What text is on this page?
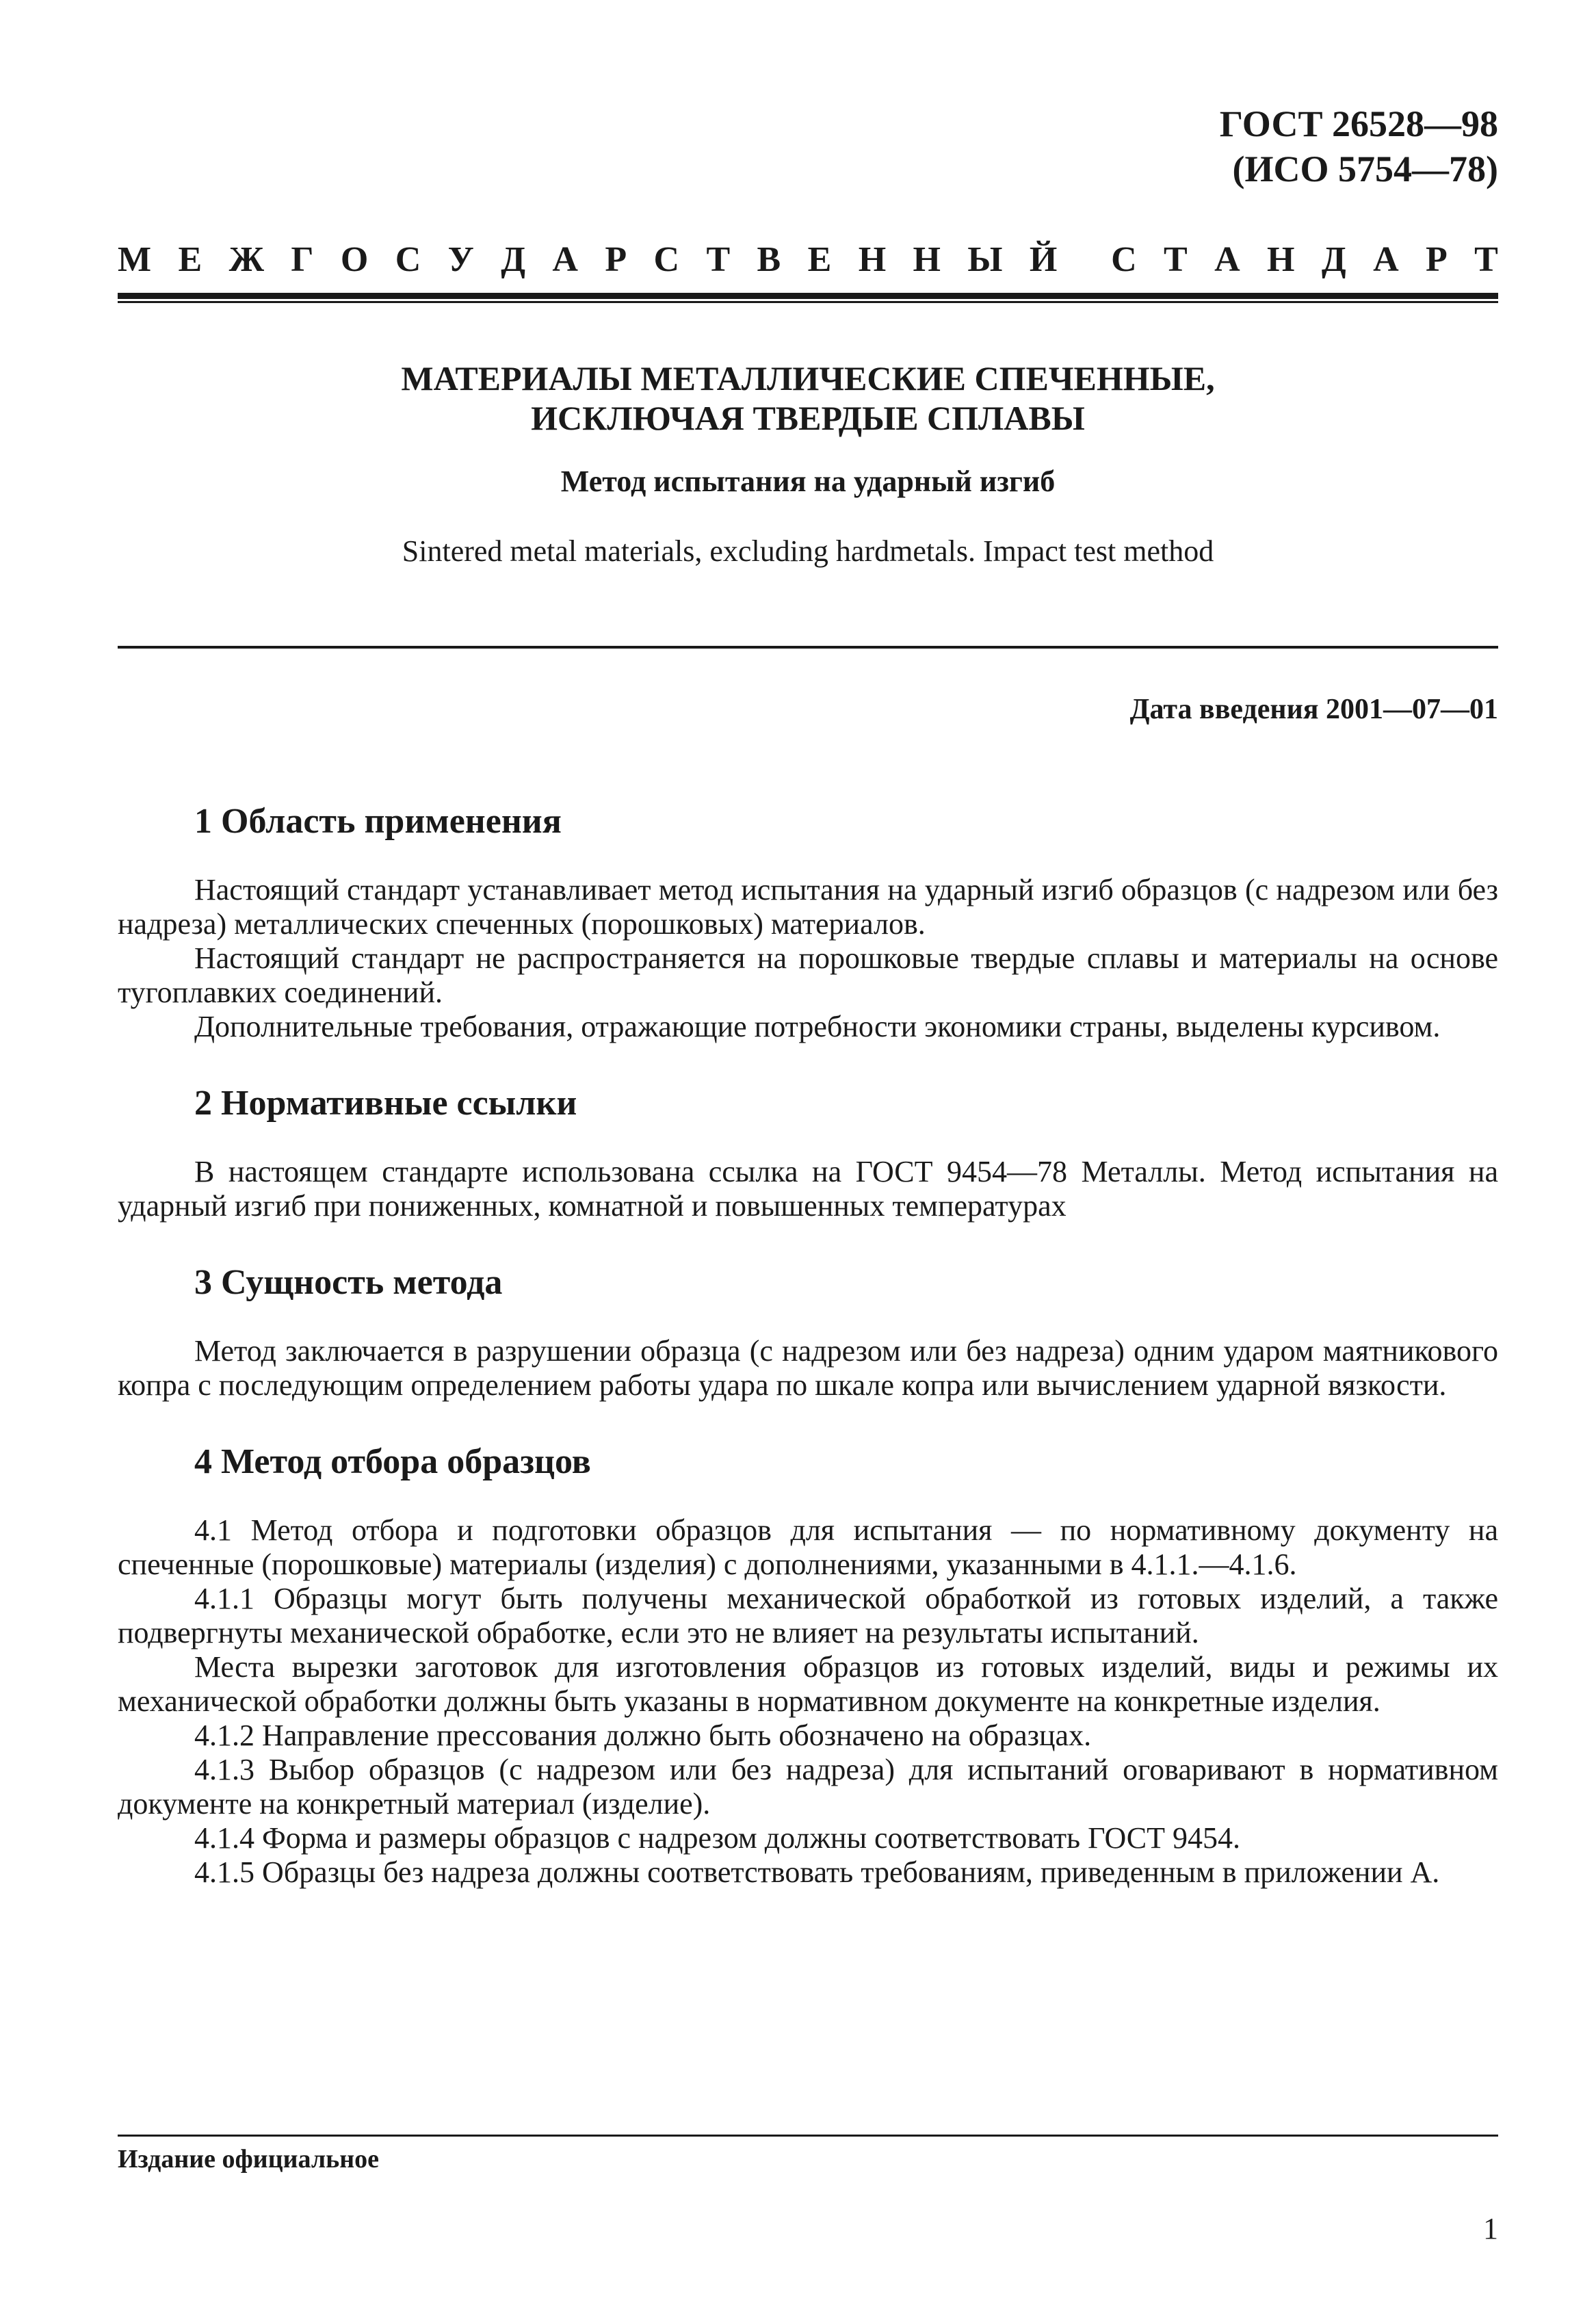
ГОСТ 26528—98
(ИСО 5754—78)
М Е Ж Г О С У Д А Р С Т В Е Н Н Ы Й С Т А Н Д А Р Т
МАТЕРИАЛЫ МЕТАЛЛИЧЕСКИЕ СПЕЧЕННЫЕ,
ИСКЛЮЧАЯ ТВЕРДЫЕ СПЛАВЫ
Метод испытания на ударный изгиб
Sintered metal materials, excluding hardmetals. Impact test method
Дата введения 2001—07—01
1 Область применения

Настоящий стандарт устанавливает метод испытания на ударный изгиб образцов (с надрезом или без надреза) металлических спеченных (порошковых) материалов.

Настоящий стандарт не распространяется на порошковые твердые сплавы и материалы на основе тугоплавких соединений.

Дополнительные требования, отражающие потребности экономики страны, выделены курсивом.

2 Нормативные ссылки

В настоящем стандарте использована ссылка на ГОСТ 9454—78 Металлы. Метод испытания на ударный изгиб при пониженных, комнатной и повышенных температурах

3 Сущность метода

Метод заключается в разрушении образца (с надрезом или без надреза) одним ударом маятникового копра с последующим определением работы удара по шкале копра или вычислением ударной вязкости.

4 Метод отбора образцов

4.1 Метод отбора и подготовки образцов для испытания — по нормативному документу на спеченные (порошковые) материалы (изделия) с дополнениями, указанными в 4.1.1.—4.1.6.

4.1.1 Образцы могут быть получены механической обработкой из готовых изделий, а также подвергнуты механической обработке, если это не влияет на результаты испытаний.

Места вырезки заготовок для изготовления образцов из готовых изделий, виды и режимы их механической обработки должны быть указаны в нормативном документе на конкретные изделия.

4.1.2 Направление прессования должно быть обозначено на образцах.

4.1.3 Выбор образцов (с надрезом или без надреза) для испытаний оговаривают в нормативном документе на конкретный материал (изделие).

4.1.4 Форма и размеры образцов с надрезом должны соответствовать ГОСТ 9454.

4.1.5 Образцы без надреза должны соответствовать требованиям, приведенным в приложении А.

Издание официальное
1
